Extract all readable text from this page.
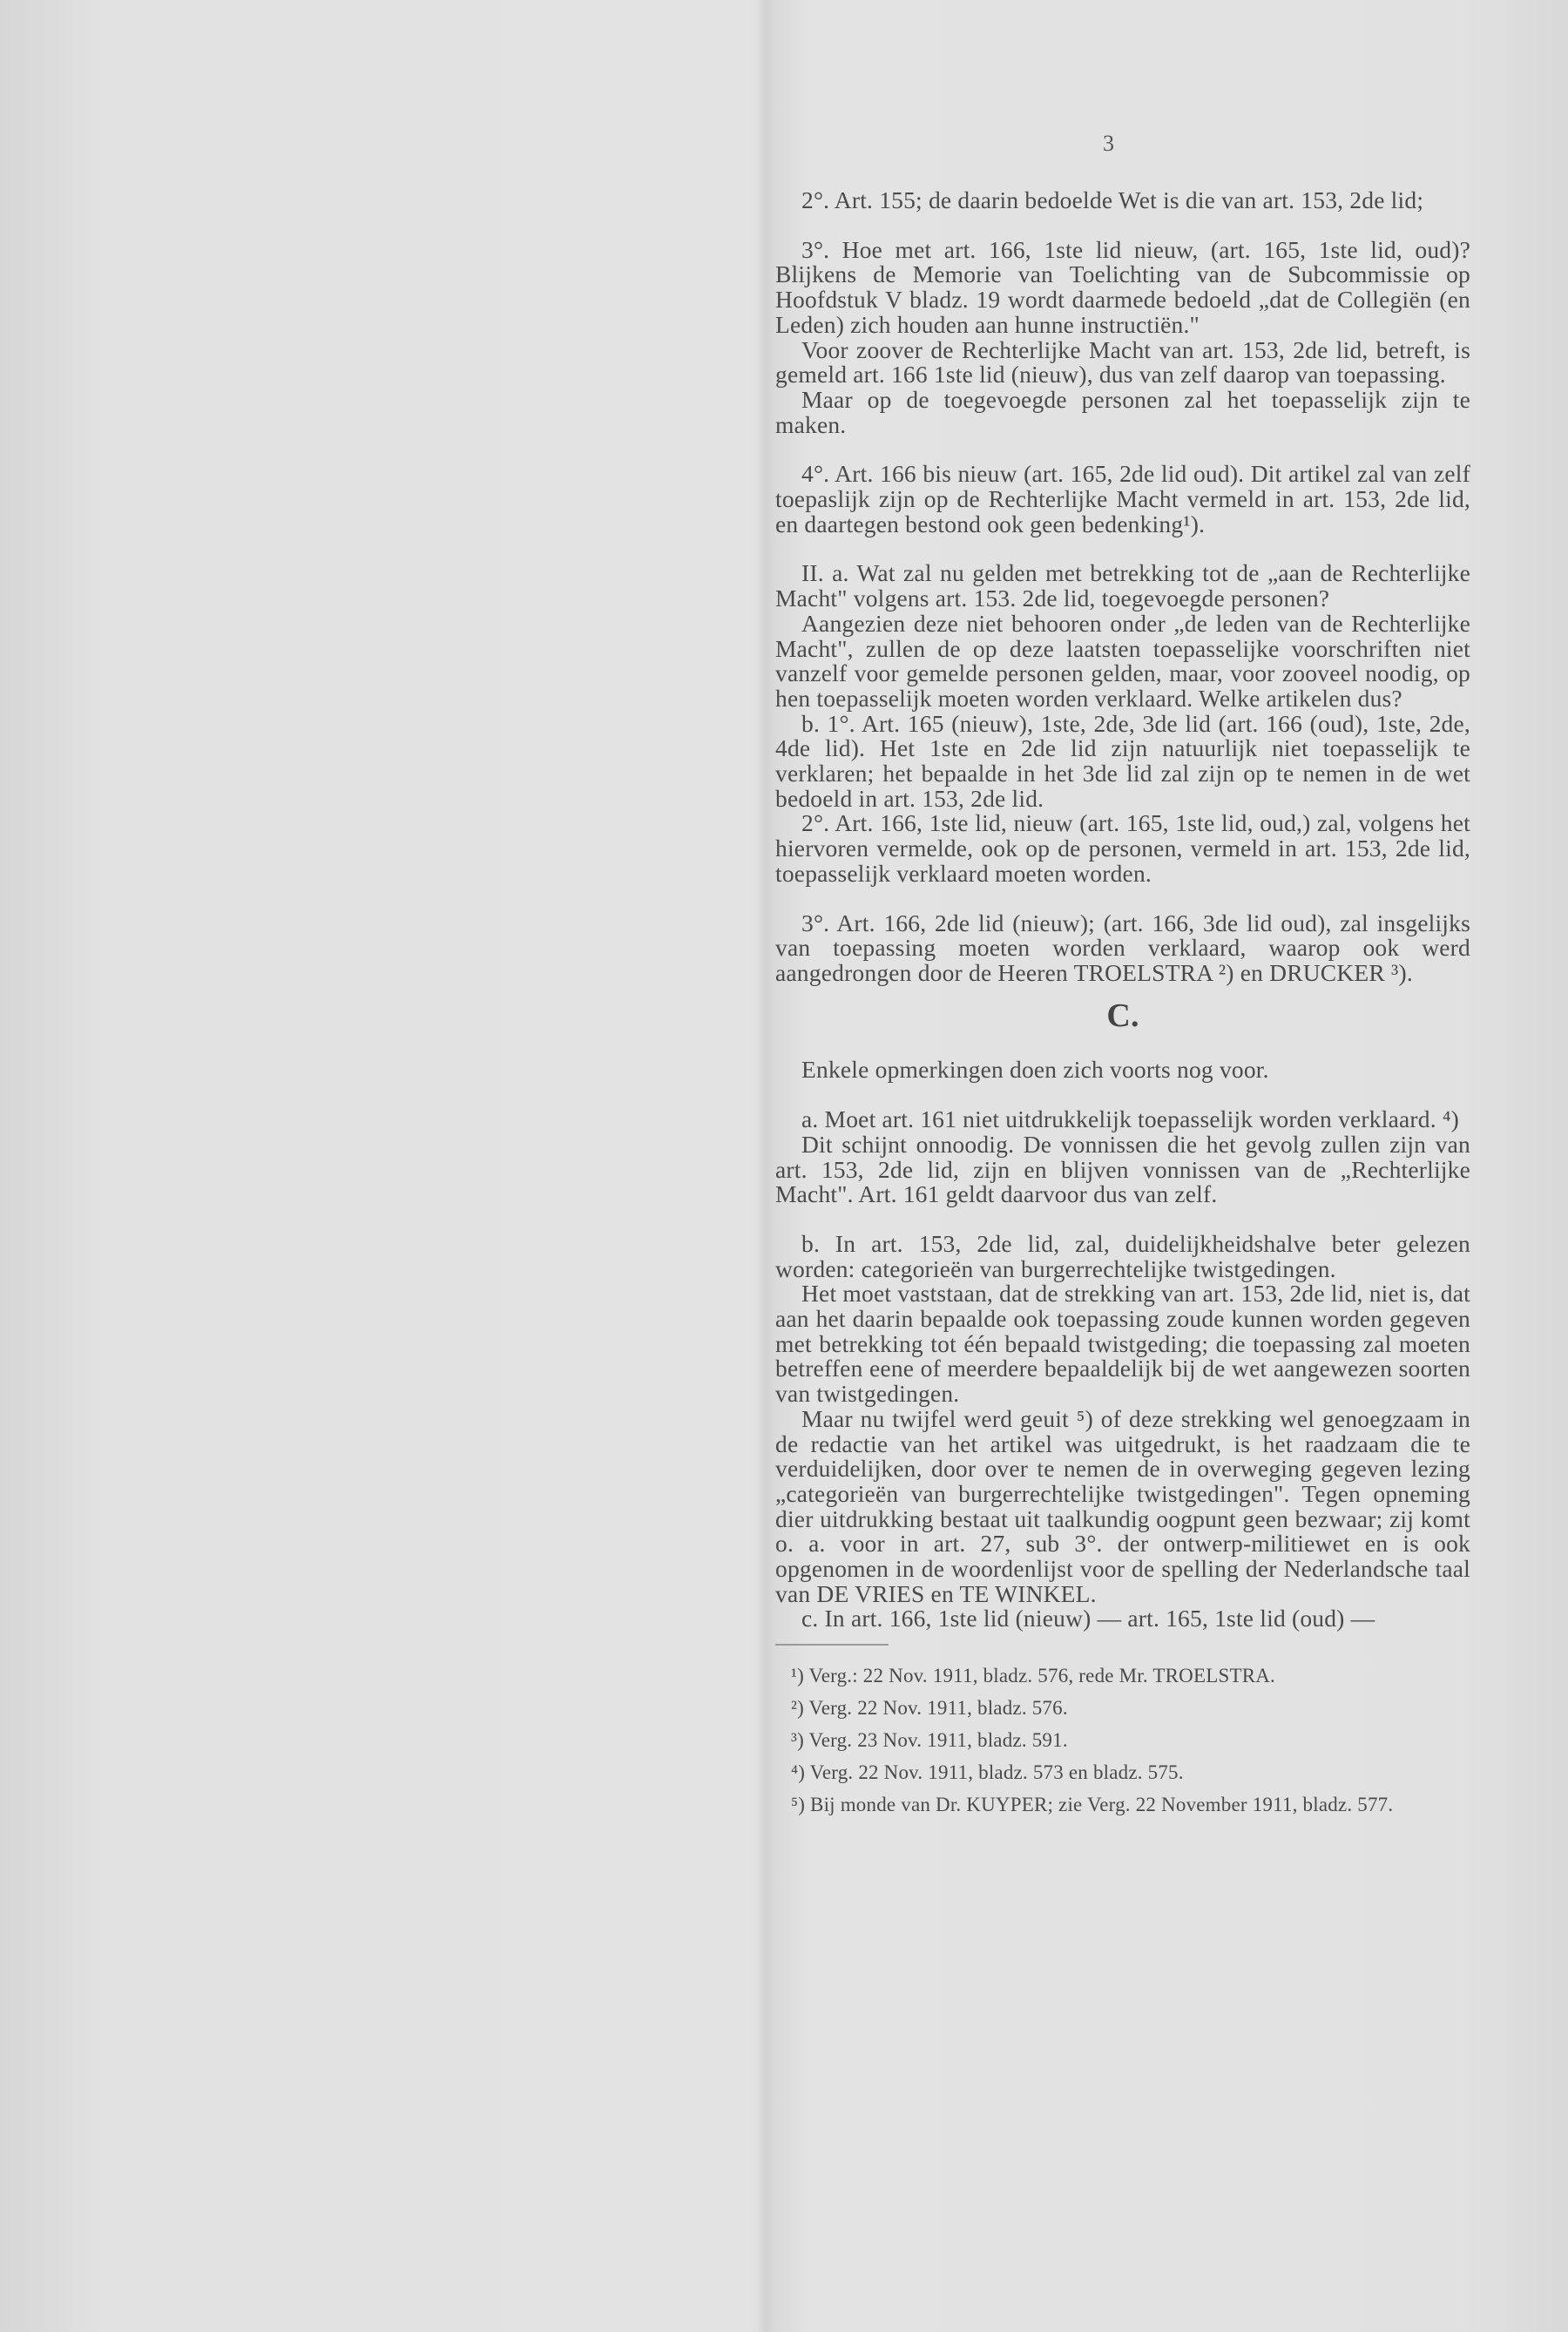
3

2°. Art. 155; de daarin bedoelde Wet is die van art. 153, 2de lid;

3°. Hoe met art. 166, 1ste lid nieuw, (art. 165, 1ste lid, oud)? Blijkens de Memorie van Toelichting van de Subcommissie op Hoofdstuk V bladz. 19 wordt daarmede bedoeld „dat de Collegiën (en Leden) zich houden aan hunne instructiën."

Voor zoover de Rechterlijke Macht van art. 153, 2de lid, betreft, is gemeld art. 166 1ste lid (nieuw), dus van zelf daarop van toepassing.

Maar op de toegevoegde personen zal het toepasselijk zijn te maken.

4°. Art. 166 bis nieuw (art. 165, 2de lid oud). Dit artikel zal van zelf toepaslijk zijn op de Rechterlijke Macht vermeld in art. 153, 2de lid, en daartegen bestond ook geen bedenking¹).

II. a. Wat zal nu gelden met betrekking tot de „aan de Rechterlijke Macht" volgens art. 153. 2de lid, toegevoegde personen?

Aangezien deze niet behooren onder „de leden van de Rechterlijke Macht", zullen de op deze laatsten toepasselijke voorschriften niet vanzelf voor gemelde personen gelden, maar, voor zooveel noodig, op hen toepasselijk moeten worden verklaard. Welke artikelen dus?

b. 1°. Art. 165 (nieuw), 1ste, 2de, 3de lid (art. 166 (oud), 1ste, 2de, 4de lid). Het 1ste en 2de lid zijn natuurlijk niet toepasselijk te verklaren; het bepaalde in het 3de lid zal zijn op te nemen in de wet bedoeld in art. 153, 2de lid.

2°. Art. 166, 1ste lid, nieuw (art. 165, 1ste lid, oud,) zal, volgens het hiervoren vermelde, ook op de personen, vermeld in art. 153, 2de lid, toepasselijk verklaard moeten worden.

3°. Art. 166, 2de lid (nieuw); (art. 166, 3de lid oud), zal insgelijks van toepassing moeten worden verklaard, waarop ook werd aangedrongen door de Heeren TROELSTRA ²) en DRUCKER ³).

C.

Enkele opmerkingen doen zich voorts nog voor.

a. Moet art. 161 niet uitdrukkelijk toepasselijk worden verklaard. ⁴)

Dit schijnt onnoodig. De vonnissen die het gevolg zullen zijn van art. 153, 2de lid, zijn en blijven vonnissen van de „Rechterlijke Macht". Art. 161 geldt daarvoor dus van zelf.

b. In art. 153, 2de lid, zal, duidelijkheidshalve beter gelezen worden: categorieën van burgerrechtelijke twistgedingen.

Het moet vaststaan, dat de strekking van art. 153, 2de lid, niet is, dat aan het daarin bepaalde ook toepassing zoude kunnen worden gegeven met betrekking tot één bepaald twistgeding; die toepassing zal moeten betreffen eene of meerdere bepaaldelijk bij de wet aangewezen soorten van twistgedingen.

Maar nu twijfel werd geuit ⁵) of deze strekking wel genoegzaam in de redactie van het artikel was uitgedrukt, is het raadzaam die te verduidelijken, door over te nemen de in overweging gegeven lezing „categorieën van burgerrechtelijke twistgedingen". Tegen opneming dier uitdrukking bestaat uit taalkundig oogpunt geen bezwaar; zij komt o. a. voor in art. 27, sub 3°. der ontwerp-militiewet en is ook opgenomen in de woordenlijst voor de spelling der Nederlandsche taal van DE VRIES en TE WINKEL.

c. In art. 166, 1ste lid (nieuw) — art. 165, 1ste lid (oud) —

¹) Verg.: 22 Nov. 1911, bladz. 576, rede Mr. TROELSTRA.

²) Verg. 22 Nov. 1911, bladz. 576.

³) Verg. 23 Nov. 1911, bladz. 591.

⁴) Verg. 22 Nov. 1911, bladz. 573 en bladz. 575.

⁵) Bij monde van Dr. KUYPER; zie Verg. 22 November 1911, bladz. 577.
